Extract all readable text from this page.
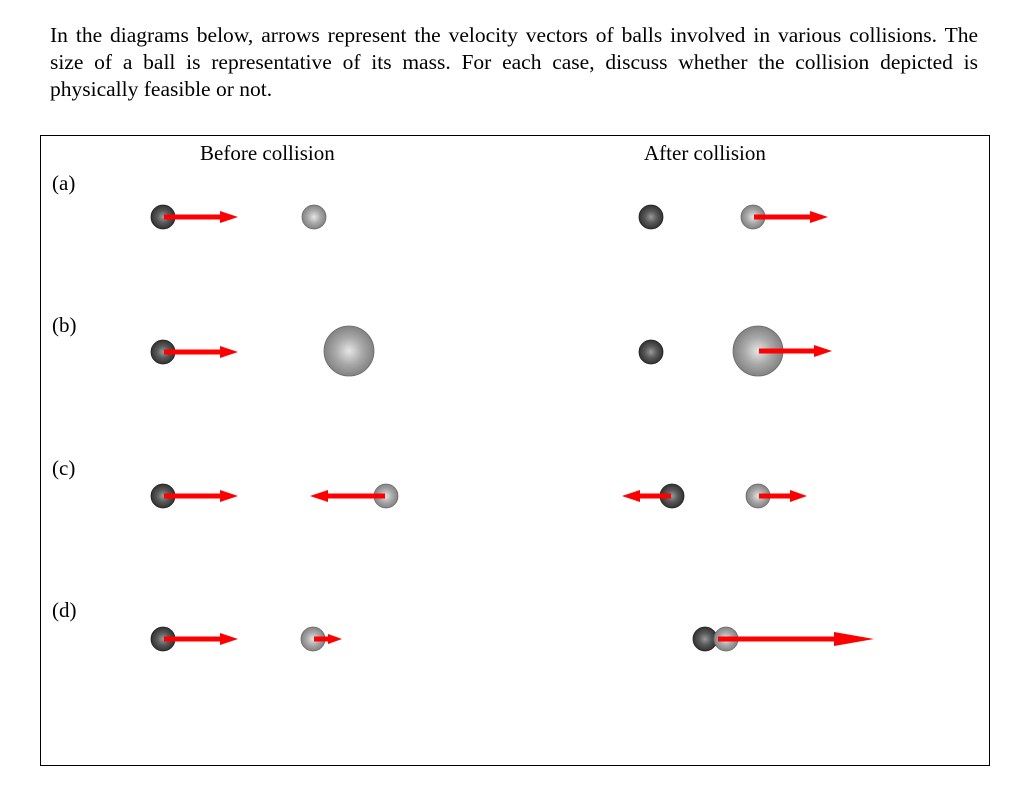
In the diagrams below, arrows represent the velocity vectors of balls involved in various collisions. The size of a ball is representative of its mass. For each case, discuss whether the collision depicted is physically feasible or not.

Before collision	After collision
(a)
(b)
(c)
(d)
